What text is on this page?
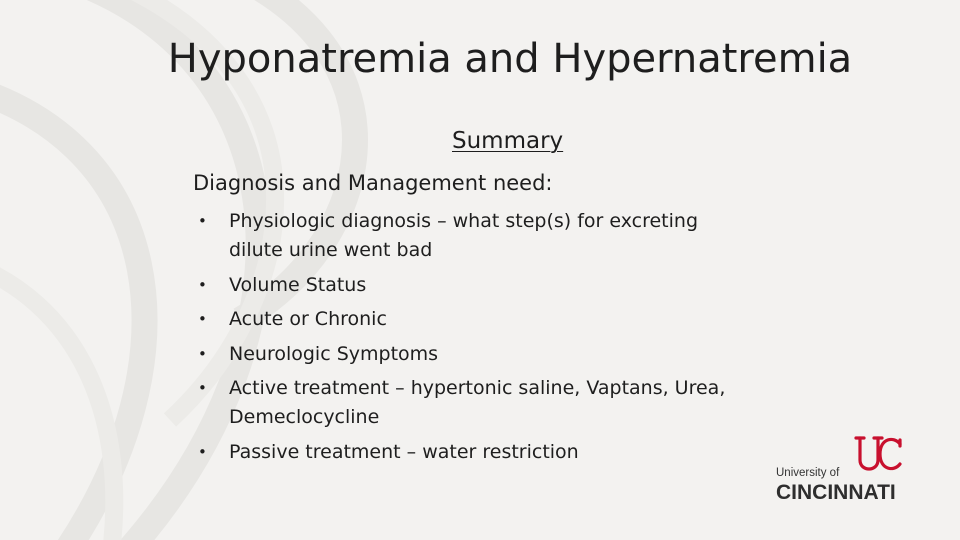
Hyponatremia and Hypernatremia
Summary
Diagnosis and Management need:
• Physiologic diagnosis – what step(s) for excreting dilute urine went bad
• Volume Status
• Acute or Chronic
• Neurologic Symptoms
• Active treatment – hypertonic saline, Vaptans, Urea, Demeclocycline
• Passive treatment – water restriction
University of
CINCINNATI
